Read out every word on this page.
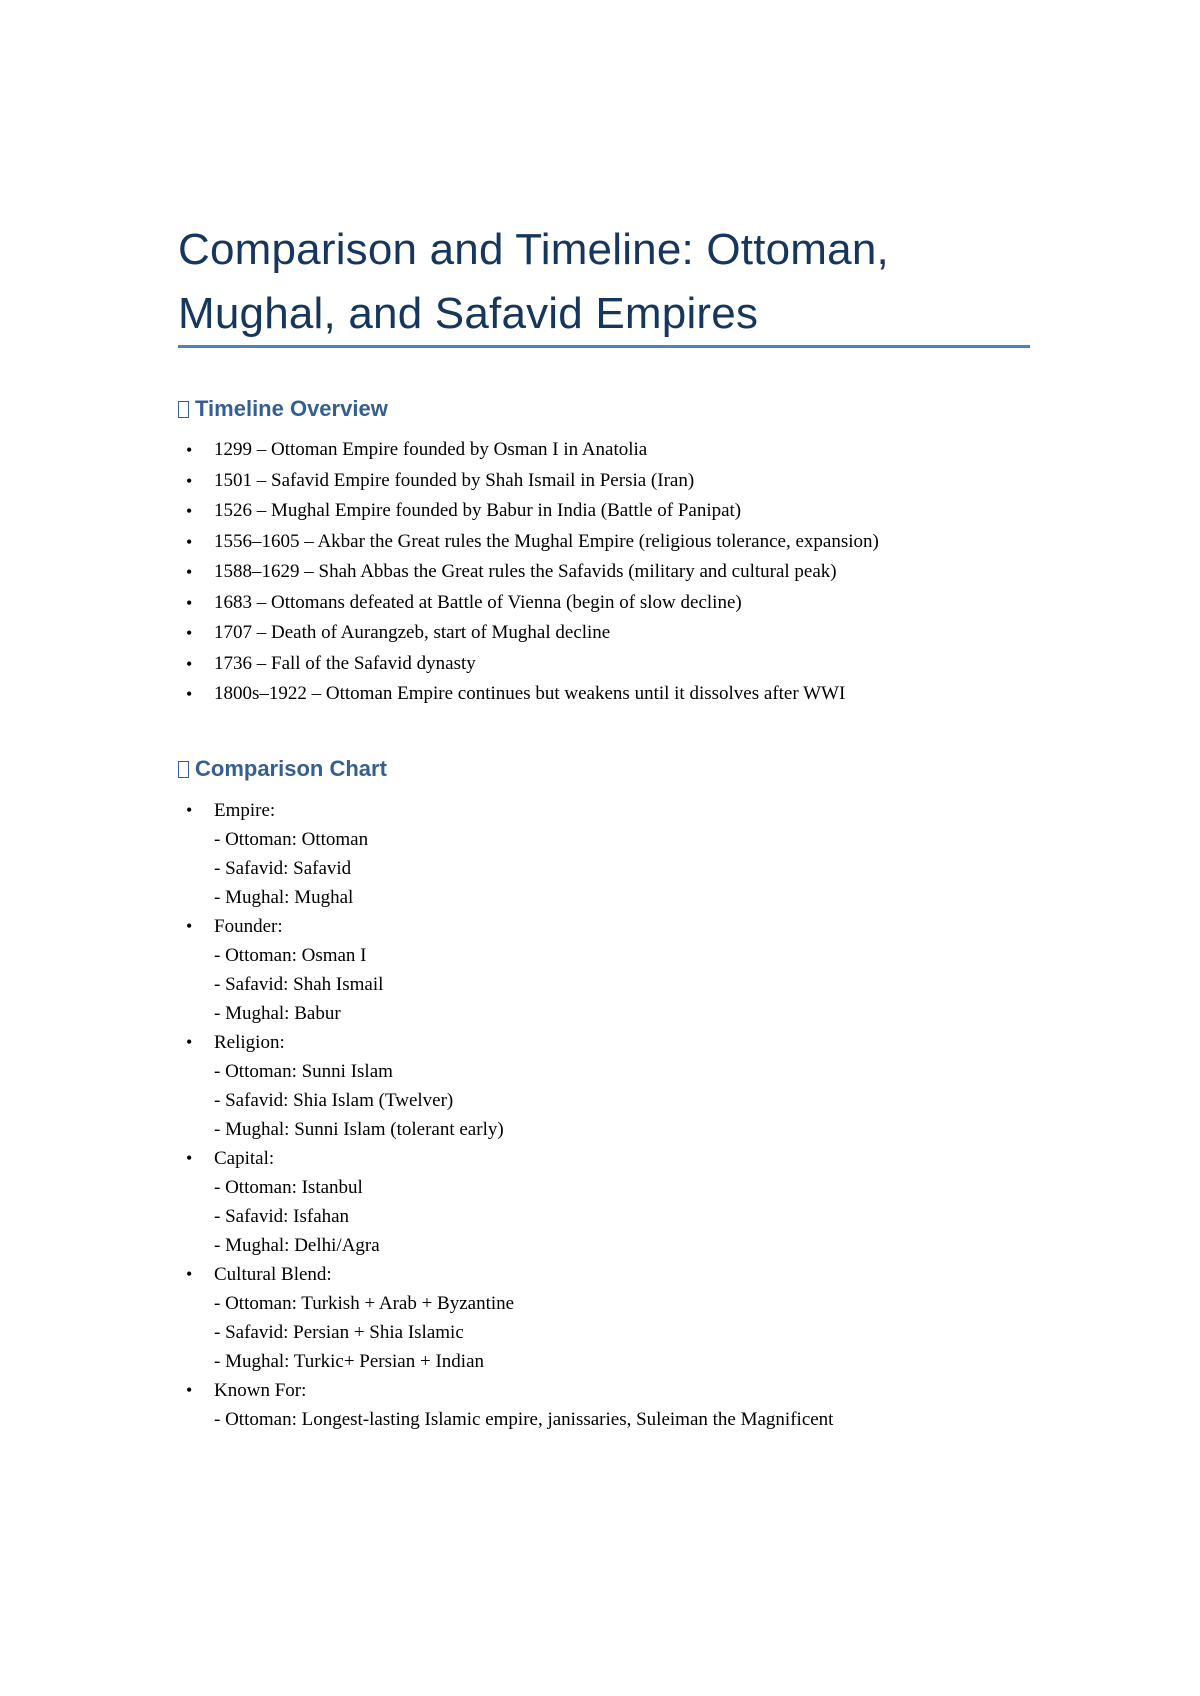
Comparison and Timeline: Ottoman,
Mughal, and Safavid Empires
Timeline Overview
• 1299 – Ottoman Empire founded by Osman I in Anatolia
• 1501 – Safavid Empire founded by Shah Ismail in Persia (Iran)
• 1526 – Mughal Empire founded by Babur in India (Battle of Panipat)
• 1556–1605 – Akbar the Great rules the Mughal Empire (religious tolerance, expansion)
• 1588–1629 – Shah Abbas the Great rules the Safavids (military and cultural peak)
• 1683 – Ottomans defeated at Battle of Vienna (begin of slow decline)
• 1707 – Death of Aurangzeb, start of Mughal decline
• 1736 – Fall of the Safavid dynasty
• 1800s–1922 – Ottoman Empire continues but weakens until it dissolves after WWI
Comparison Chart
• Empire:
- Ottoman: Ottoman
- Safavid: Safavid
- Mughal: Mughal
• Founder:
- Ottoman: Osman I
- Safavid: Shah Ismail
- Mughal: Babur
• Religion:
- Ottoman: Sunni Islam
- Safavid: Shia Islam (Twelver)
- Mughal: Sunni Islam (tolerant early)
• Capital:
- Ottoman: Istanbul
- Safavid: Isfahan
- Mughal: Delhi/Agra
• Cultural Blend:
- Ottoman: Turkish + Arab + Byzantine
- Safavid: Persian + Shia Islamic
- Mughal: Turkic+ Persian + Indian
• Known For:
- Ottoman: Longest-lasting Islamic empire, janissaries, Suleiman the Magnificent
